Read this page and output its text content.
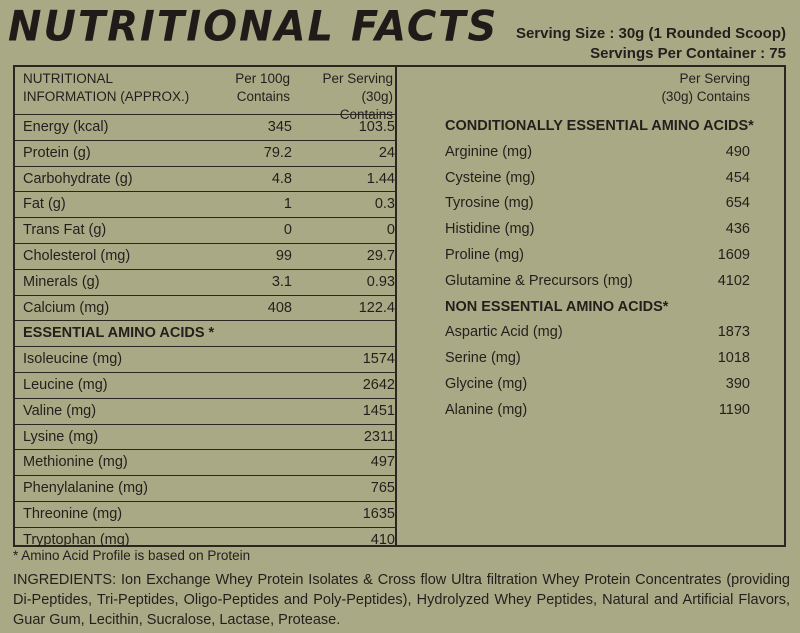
NUTRITIONAL FACTS Serving Size : 30g (1 Rounded Scoop)
Servings Per Container : 75
NUTRITIONAL
INFORMATION (APPROX.)
Per 100g
Contains
Per Serving
(30g) Contains
Per Serving
(30g) Contains
Energy (kcal)	345	103.5
Protein (g)	79.2	24
Carbohydrate (g)	4.8	1.44
Fat (g)	1	0.3
Trans Fat (g)	0	0
Cholesterol (mg)	99	29.7
Minerals (g)	3.1	0.93
Calcium (mg)	408	122.4
ESSENTIAL AMINO ACIDS *
Isoleucine (mg)	1574
Leucine (mg)	2642
Valine (mg)	1451
Lysine (mg)	2311
Methionine (mg)	497
Phenylalanine (mg)	765
Threonine (mg)	1635
Tryptophan (mg)	410
CONDITIONALLY ESSENTIAL AMINO ACIDS*
Arginine (mg)	490
Cysteine (mg)	454
Tyrosine (mg)	654
Histidine (mg)	436
Proline (mg)	1609
Glutamine & Precursors (mg)	4102
NON ESSENTIAL AMINO ACIDS*
Aspartic Acid (mg)	1873
Serine (mg)	1018
Glycine (mg)	390
Alanine (mg)	1190
* Amino Acid Profile is based on Protein
INGREDIENTS: Ion Exchange Whey Protein Isolates & Cross flow Ultra filtration Whey Protein Concentrates (providing Di-Peptides, Tri-Peptides, Oligo-Peptides and Poly-Peptides), Hydrolyzed Whey Peptides, Natural and Artificial Flavors, Guar Gum, Lecithin, Sucralose, Lactase, Protease.
